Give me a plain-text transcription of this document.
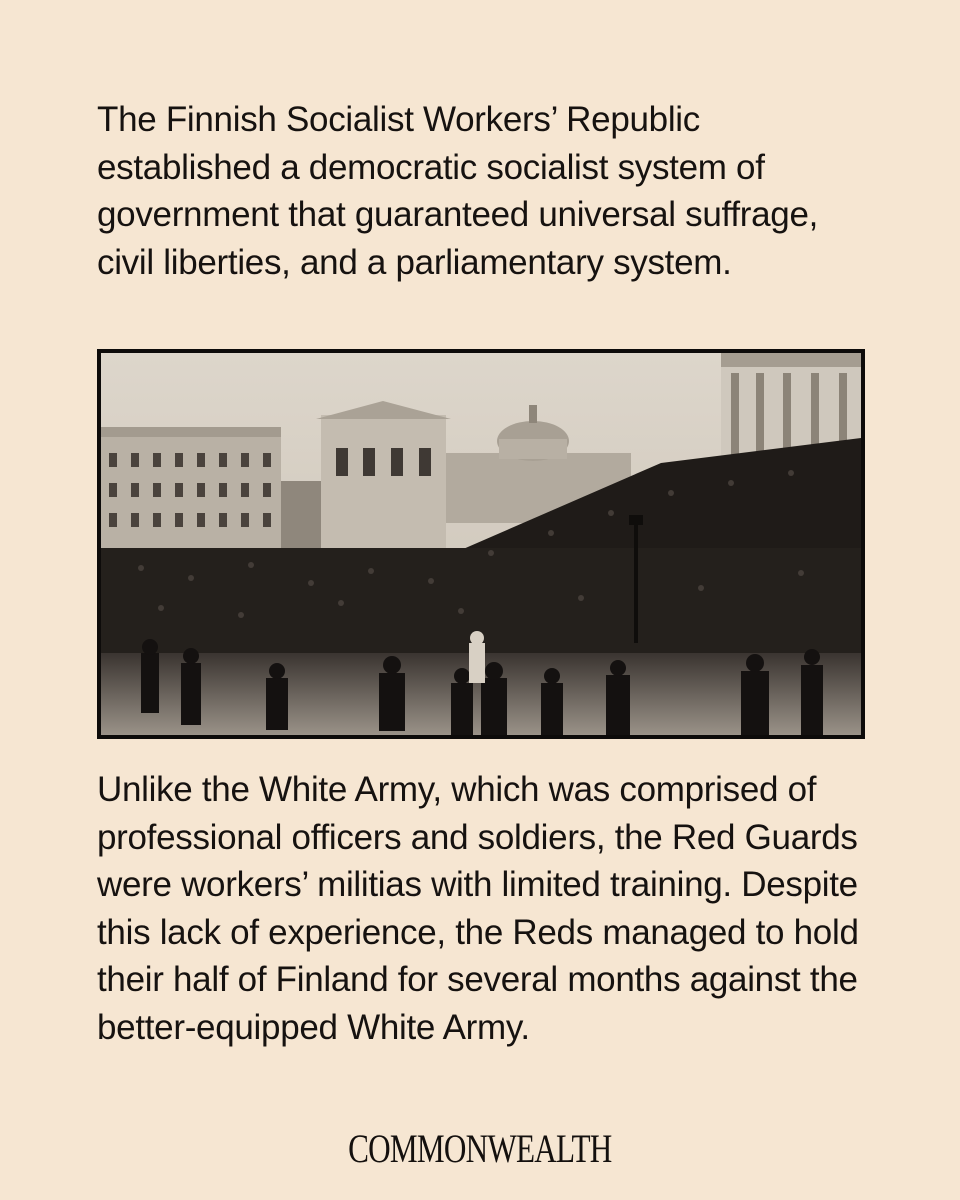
The Finnish Socialist Workers’ Republic established a democratic socialist system of government that guaranteed universal suffrage, civil liberties, and a parliamentary system.

Unlike the White Army, which was comprised of professional officers and soldiers, the Red Guards were workers’ militias with limited training. Despite this lack of experience, the Reds managed to hold their half of Finland for several months against the better-equipped White Army.

COMMONWEALTH
